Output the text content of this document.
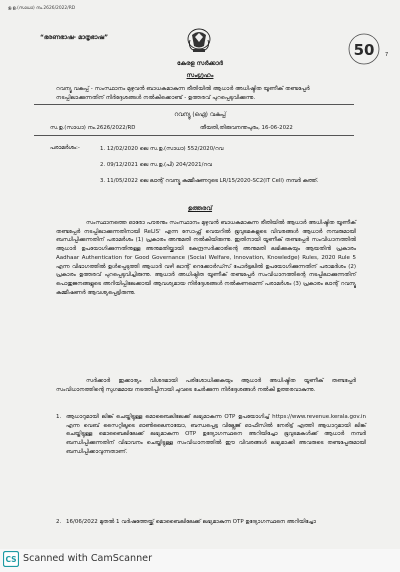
ഉ.ഉ.(സാധാ) നം.2626/2022/RD
“ഭരണഭാഷ- മാതൃഭാഷ”
50 7
കേരള സർക്കാർ
സംഗ്രഹം
റവന്യൂ വകുപ്പ് - സംസ്ഥാനം മുഴുവൻ ബാധകമാകുന്ന രീതിയിൽ ആധാർ അധിഷ്ഠിത യൂണീക് തണ്ടപ്പേർ നടപ്പിലാക്കുന്നതിന് നിർദ്ദേശങ്ങൾ നൽകിക്കൊണ്ട് - ഉത്തരവ് പുറപ്പെടുവിക്കുന്നു.
റവന്യൂ (ഐ) വകുപ്പ്
സ.ഉ.(സാധാ) നം.2626/2022/RD	തീയതി,തിരുവനന്തപുരം, 16-06-2022
പരാമർശം:-	1. 12/02/2020 ലെ സ.ഉ.(സാധാ) 552/2020/റവ
2. 09/12/2021 ലെ സ.ഉ.(പി) 204/2021/റവ
3. 11/05/2022 ലെ ലാന്റ് റവന്യൂ കമ്മീഷണറുടെ LR/15/2020-SC2(IT Cell) നമ്പർ കത്ത്.
ഉത്തരവ്
സംസ്ഥാനത്തെ ഓരോ പൗരനും സംസ്ഥാനം മുഴുവൻ ബാധകമാകുന്ന രീതിയിൽ ആധാർ അധിഷ്ഠിത യൂണീക് തണ്ടപ്പേർ നടപ്പിലാക്കുന്നതിനായി ReLIS' എന്ന സോഫ്റ്റ് വെയറിൽ ഭൂവുടമകളുടെ വിവരങ്ങൾ ആധാർ നമ്പരുമായി ബന്ധിപ്പിക്കുന്നതിന് പരാമർശം (1) പ്രകാരം അനുമതി നൽകിയിരുന്നു. ഇതിനായി യൂണീക് തണ്ടപ്പേർ സംവിധാനത്തിൽ ആധാർ ഉപയോഗിക്കുന്നതിനുള്ള അനുമതിയ്ക്കായി കേന്ദ്രസർക്കാരിന്റെ അനുമതി ലഭിക്കുകയും ആയതിൻ പ്രകാരം Aadhaar Authentication for Good Governance (Social Welfare, Innovation, Knowledge) Rules, 2020 Rule 5 എന്ന വിഭാഗത്തിൽ ഉൾപ്പെടുത്തി ആധാർ വഴി ലാന്റ് റെക്കോർഡ്സ് പോർട്ടലിൽ ഉപയോഗിക്കുന്നതിന് പരാമർശം (2) പ്രകാരം ഉത്തരവ് പുറപ്പെടുവിച്ചിരുന്നു. ആധാർ അധിഷ്ഠിത യൂണീക് തണ്ടപ്പേർ സംവിധാനത്തിന്റെ നടപ്പിലാക്കുന്നതിന് പൊതുജനങ്ങളുടെ അറിയിപ്പിലേക്കായി ആവശ്യമായ നിർദ്ദേശങ്ങൾ നൽകണമെന്ന് പരാമർശം (3) പ്രകാരം ലാന്റ് റവന്യൂ കമ്മീഷണർ ആവശ്യപ്പെട്ടിരുന്നു.
സർക്കാർ ഇക്കാര്യം വിശദമായി പരിശോധിക്കുകയും ആധാർ അധിഷ്ഠിത യൂണീക് തണ്ടപ്പേർ സംവിധാനത്തിന്റെ സുഗമമായ നടത്തിപ്പിനായി ചുവടെ ചേർക്കുന്ന നിർദ്ദേശങ്ങൾ നൽകി ഉത്തരവാകുന്നു.
1. ആധാറുമായി ലിങ്ക് ചെയ്തിട്ടുള്ള മൊബൈലിലേക്ക് ലഭ്യമാകുന്ന OTP ഉപയോഗിച്ച് https://www.revenue.kerala.gov.in എന്ന വെബ് സൈറ്റിലൂടെ ഓൺലൈനായോ, ബന്ധപ്പെട്ട വില്ലേജ് ഓഫീസിൽ നേരിട്ട് എത്തി ആധാറുമായി ലിങ്ക് ചെയ്തിട്ടുള്ള മൊബൈലിലേക്ക് ലഭ്യമാകുന്ന OTP ഉദ്യോഗസ്ഥനെ അറിയിച്ചോ ഭൂവുടമകൾക്ക് ആധാർ നമ്പർ ബന്ധിപ്പിക്കുന്നതിന് വിഭാവനം ചെയ്തിട്ടുള്ള സംവിധാനത്തിൽ ഈ വിവരങ്ങൾ ലഭ്യമാക്കി അവരുടെ തണ്ടപ്പേരുമായി ബന്ധിപ്പിക്കാവുന്നതാണ്.
2. 16/06/2022 മുതൽ 1 വർഷത്തേയ്ക്ക് മൊബൈലിലേക്ക് ലഭ്യമാകുന്ന OTP ഉദ്യോഗസ്ഥനെ അറിയിച്ചോ
CS Scanned with CamScanner
